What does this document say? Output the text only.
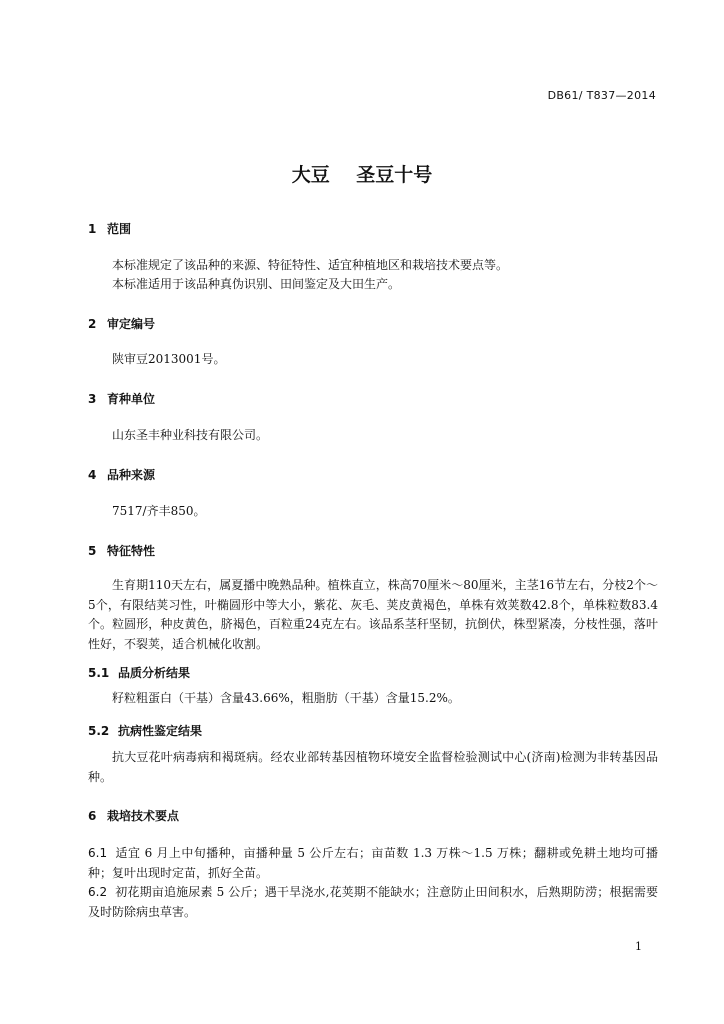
DB61/ T837—2014
大豆    圣豆十号
1 范围
本标准规定了该品种的来源、特征特性、适宜种植地区和栽培技术要点等。
本标准适用于该品种真伪识别、田间鉴定及大田生产。
2 审定编号
陕审豆2013001号。
3 育种单位
山东圣丰种业科技有限公司。
4 品种来源
7517/齐丰850。
5 特征特性
生育期110天左右，属夏播中晚熟品种。植株直立，株高70厘米～80厘米，主茎16节左右，分枝2个～5个，有限结荚习性，叶椭圆形中等大小，紫花、灰毛、荚皮黄褐色，单株有效荚数42.8个，单株粒数83.4个。粒圆形，种皮黄色，脐褐色，百粒重24克左右。该品系茎秆坚韧，抗倒伏，株型紧凑，分枝性强，落叶性好，不裂荚，适合机械化收割。
5.1 品质分析结果
籽粒粗蛋白（干基）含量43.66%，粗脂肪（干基）含量15.2%。
5.2 抗病性鉴定结果
抗大豆花叶病毒病和褐斑病。经农业部转基因植物环境安全监督检验测试中心(济南)检测为非转基因品种。
6 栽培技术要点
6.1 适宜 6 月上中旬播种，亩播种量 5 公斤左右；亩苗数 1.3 万株～1.5 万株；翻耕或免耕土地均可播种；复叶出现时定苗，抓好全苗。
6.2 初花期亩追施尿素 5 公斤；遇干旱浇水,花荚期不能缺水；注意防止田间积水，后熟期防涝；根据需要及时防除病虫草害。
1
